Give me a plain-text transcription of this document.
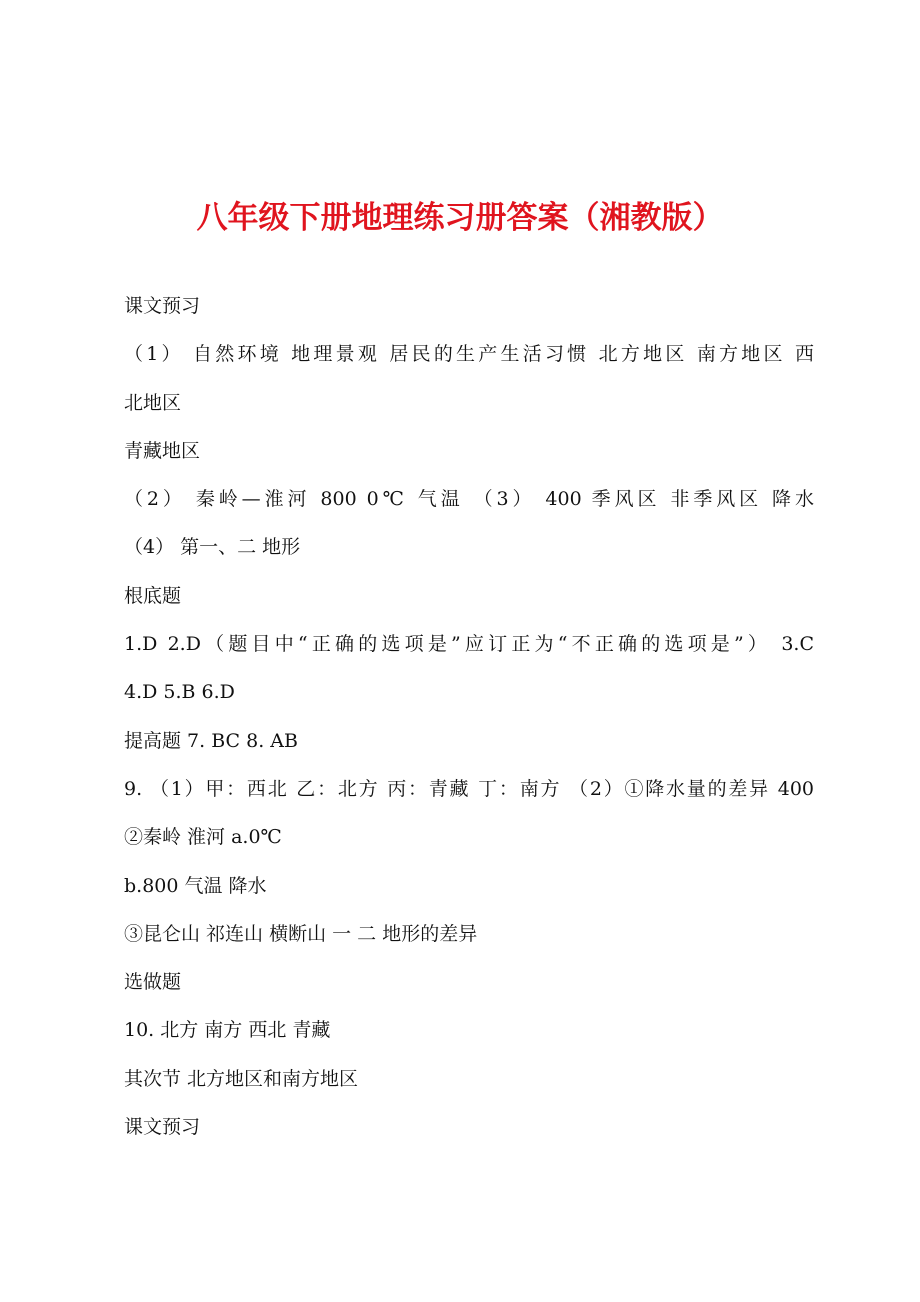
八年级下册地理练习册答案（湘教版）
课文预习
（1） 自然环境 地理景观 居民的生产生活习惯 北方地区 南方地区 西
北地区
青藏地区
（2） 秦岭—淮河 800 0℃ 气温 （3） 400 季风区 非季风区 降水
（4） 第一、二 地形
根底题
1.D 2.D（题目中“正确的选项是”应订正为“不正确的选项是”） 3.C
4.D 5.B 6.D
提高题 7. BC 8. AB
9. （1）甲：西北 乙：北方 丙：青藏 丁：南方 （2）①降水量的差异 400
②秦岭 淮河 a.0℃
b.800 气温 降水
③昆仑山 祁连山 横断山 一 二 地形的差异
选做题
10. 北方 南方 西北 青藏
其次节 北方地区和南方地区
课文预习
